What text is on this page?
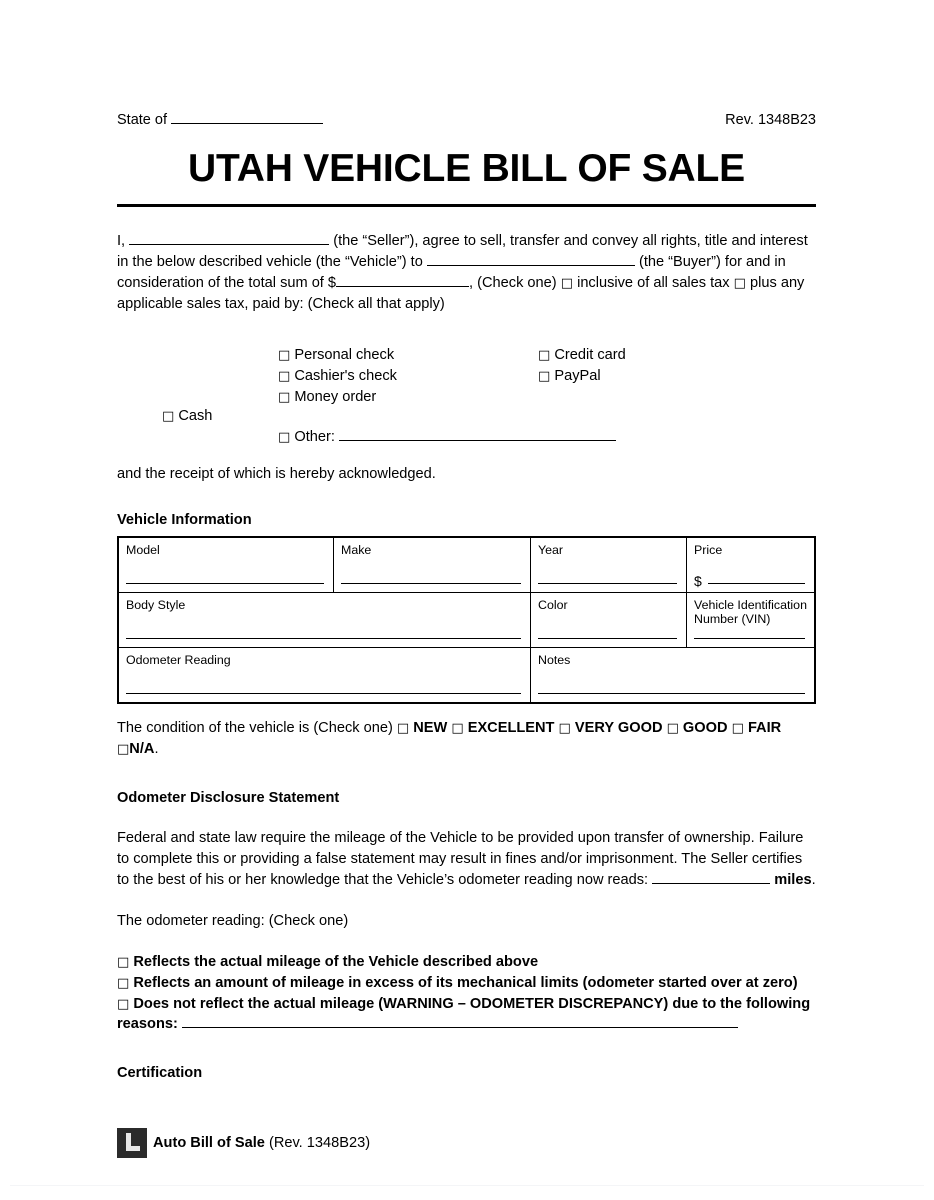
State of	Rev. 1348B23
UTAH VEHICLE BILL OF SALE
I,	(the “Seller”), agree to sell, transfer and convey all rights, title and interest in the below described vehicle (the “Vehicle”) to	(the “Buyer”) for and in consideration of the total sum of $	, (Check one) □ inclusive of all sales tax □ plus any applicable sales tax, paid by: (Check all that apply)
□ Cash
□ Personal check
□ Cashier's check
□ Money order
□ Credit card
□ PayPal
□ Other:
and the receipt of which is hereby acknowledged.
Vehicle Information
Model	Make	Year	Price
$

Body Style		Color	Vehicle Identification Number (VIN)

Odometer Reading		Notes	
The condition of the vehicle is (Check one) □ NEW □ EXCELLENT □ VERY GOOD □ GOOD □ FAIR □N/A.
Odometer Disclosure Statement
Federal and state law require the mileage of the Vehicle to be provided upon transfer of ownership. Failure to complete this or providing a false statement may result in fines and/or imprisonment. The Seller certifies to the best of his or her knowledge that the Vehicle’s odometer reading now reads:	miles.
The odometer reading: (Check one)
□ Reflects the actual mileage of the Vehicle described above
□ Reflects an amount of mileage in excess of its mechanical limits (odometer started over at zero)
□ Does not reflect the actual mileage (WARNING – ODOMETER DISCREPANCY) due to the following reasons:
Certification
Auto Bill of Sale (Rev. 1348B23)
